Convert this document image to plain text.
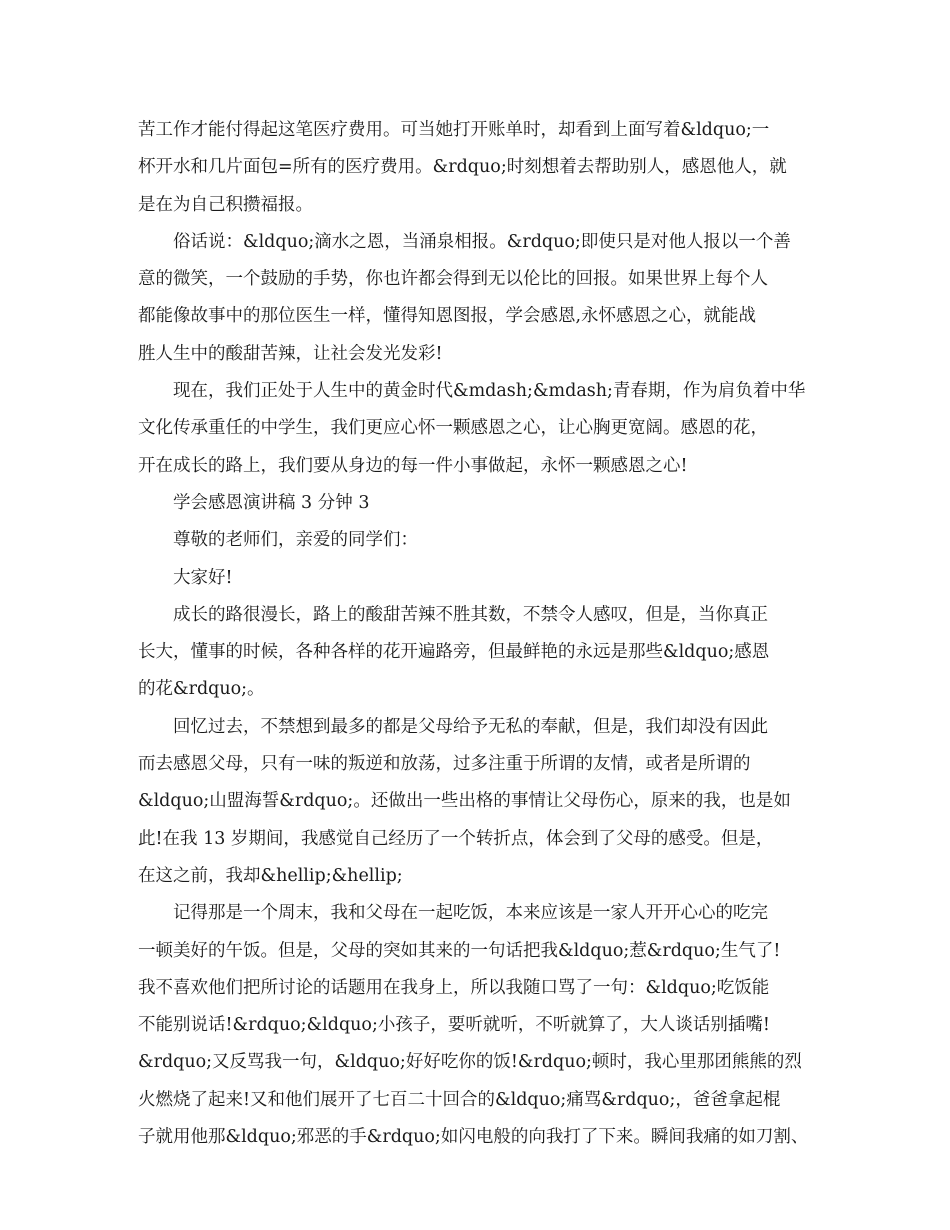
苦工作才能付得起这笔医疗费用。可当她打开账单时，却看到上面写着&ldquo;一
杯开水和几片面包=所有的医疗费用。&rdquo;时刻想着去帮助别人，感恩他人，就
是在为自己积攒福报。
俗话说：&ldquo;滴水之恩，当涌泉相报。&rdquo;即使只是对他人报以一个善
意的微笑，一个鼓励的手势，你也许都会得到无以伦比的回报。如果世界上每个人
都能像故事中的那位医生一样，懂得知恩图报，学会感恩,永怀感恩之心，就能战
胜人生中的酸甜苦辣，让社会发光发彩!
现在，我们正处于人生中的黄金时代&mdash;&mdash;青春期，作为肩负着中华
文化传承重任的中学生，我们更应心怀一颗感恩之心，让心胸更宽阔。感恩的花，
开在成长的路上，我们要从身边的每一件小事做起，永怀一颗感恩之心!
学会感恩演讲稿 3 分钟 3
尊敬的老师们，亲爱的同学们：
大家好!
成长的路很漫长，路上的酸甜苦辣不胜其数，不禁令人感叹，但是，当你真正
长大，懂事的时候，各种各样的花开遍路旁，但最鲜艳的永远是那些&ldquo;感恩
的花&rdquo;。
回忆过去，不禁想到最多的都是父母给予无私的奉献，但是，我们却没有因此
而去感恩父母，只有一味的叛逆和放荡，过多注重于所谓的友情，或者是所谓的
&ldquo;山盟海誓&rdquo;。还做出一些出格的事情让父母伤心，原来的我，也是如
此!在我 13 岁期间，我感觉自己经历了一个转折点，体会到了父母的感受。但是，
在这之前，我却&hellip;&hellip;
记得那是一个周末，我和父母在一起吃饭，本来应该是一家人开开心心的吃完
一顿美好的午饭。但是，父母的突如其来的一句话把我&ldquo;惹&rdquo;生气了!
我不喜欢他们把所讨论的话题用在我身上，所以我随口骂了一句：&ldquo;吃饭能
不能别说话!&rdquo;&ldquo;小孩子，要听就听，不听就算了，大人谈话别插嘴!
&rdquo;又反骂我一句，&ldquo;好好吃你的饭!&rdquo;顿时，我心里那团熊熊的烈
火燃烧了起来!又和他们展开了七百二十回合的&ldquo;痛骂&rdquo;，爸爸拿起棍
子就用他那&ldquo;邪恶的手&rdquo;如闪电般的向我打了下来。瞬间我痛的如刀割、
